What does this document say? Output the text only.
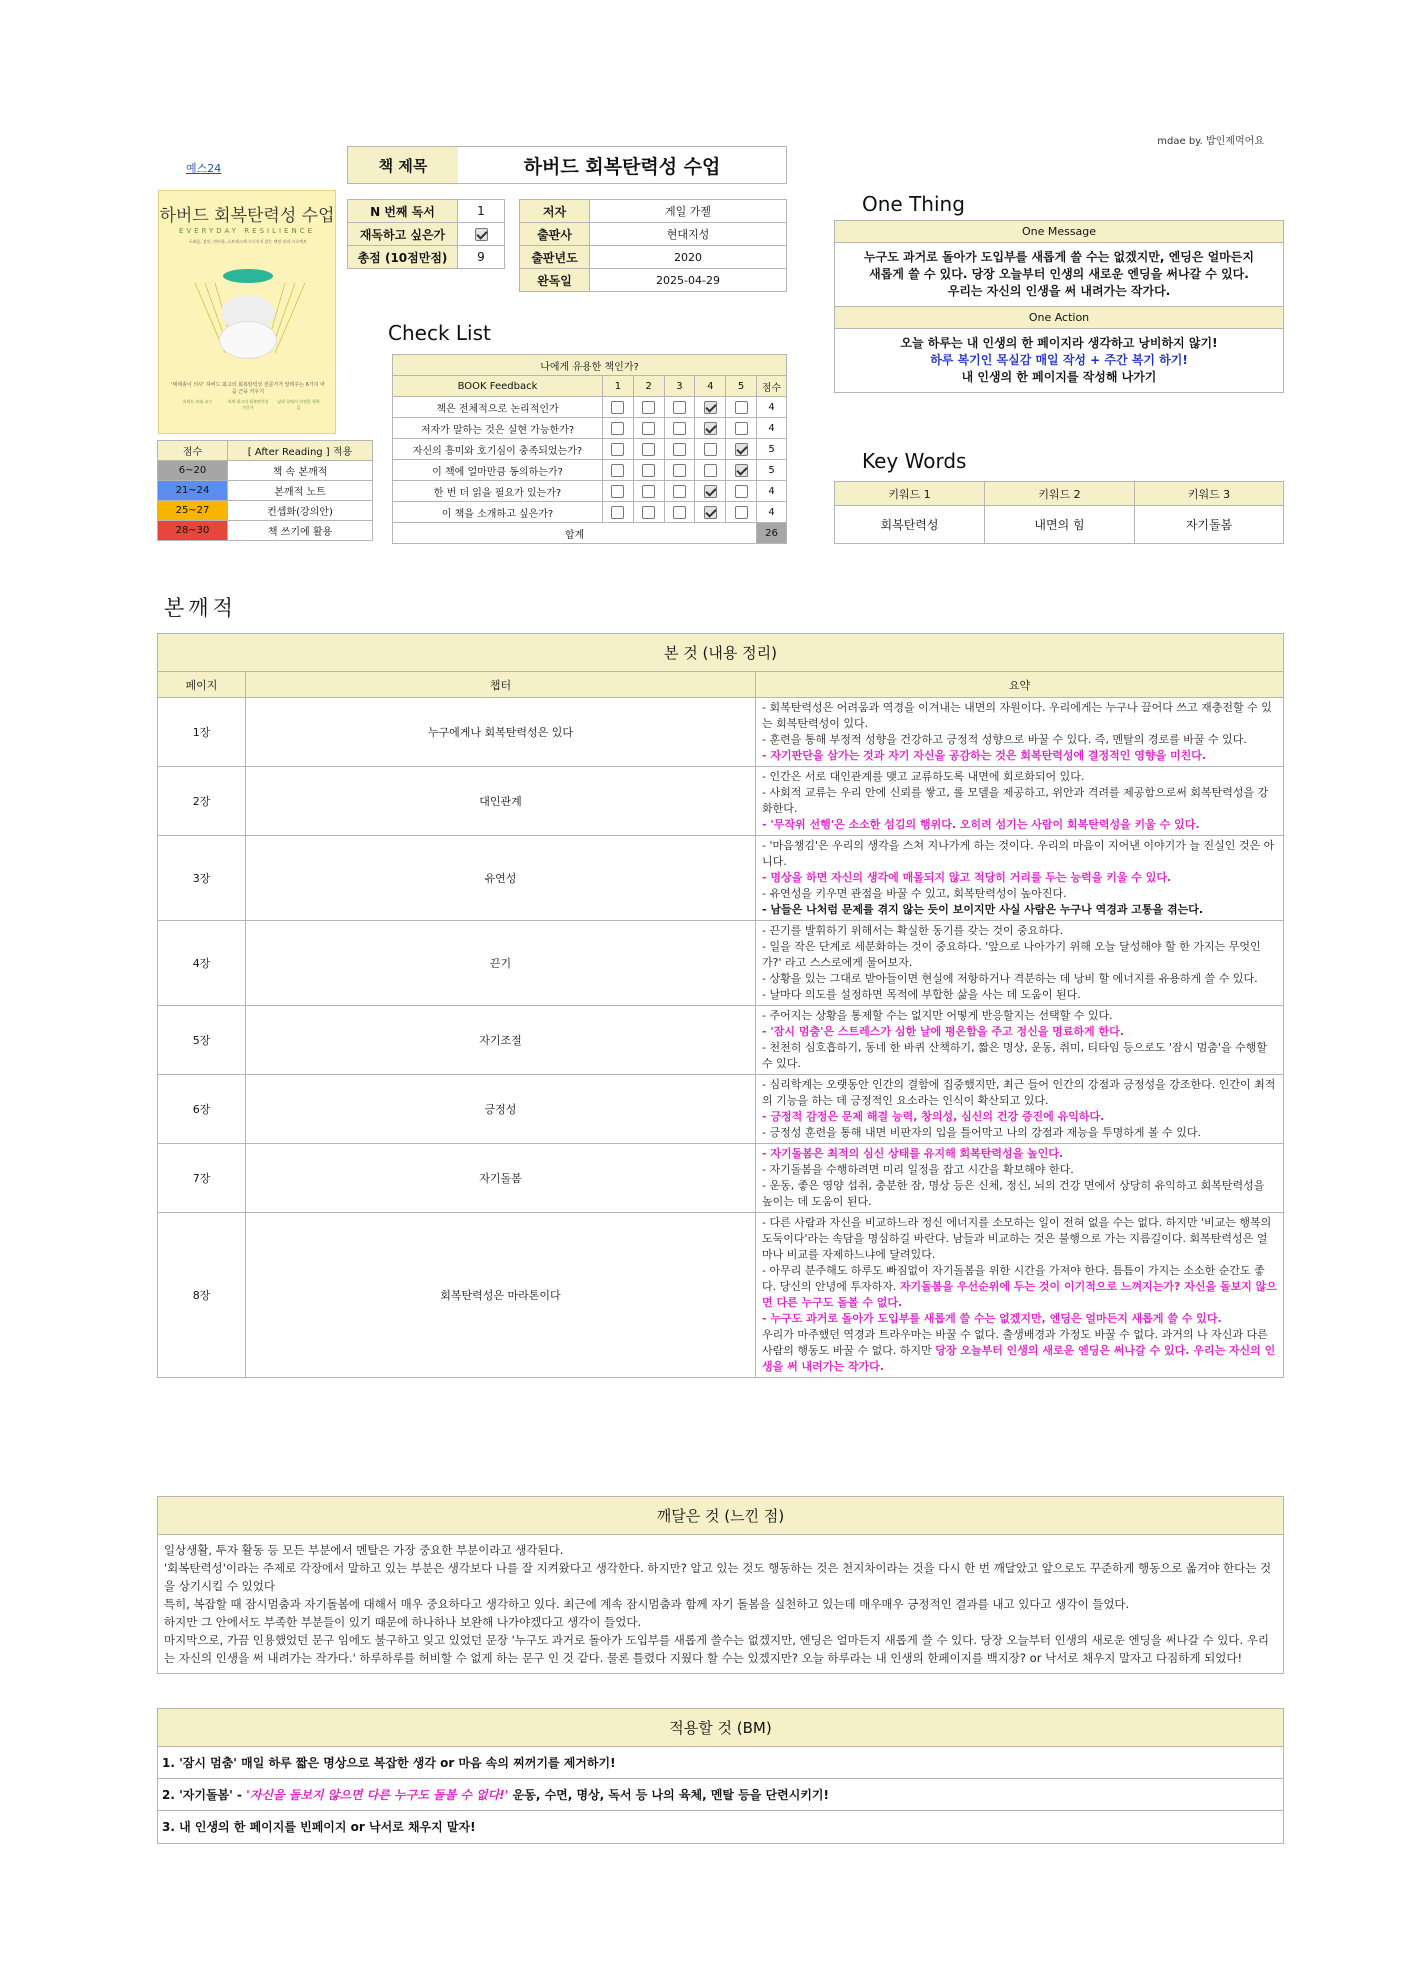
mdae by. 밥인제먹어요
예스24
하버드 회복탄력성 수업
EVERYDAY RESILIENCE
두려움, 불안, 번아웃, 스트레스에 무너지지 않는 멘탈 관리 프로젝트
'태세총이 의사' 하버드 최고의 회복탄력성 전문가가 알려주는 6가지 마음 근육 키우기
하버드 의대 교수	세계 최고의 회복탄력성 전문가
삶과 일에서 진정한 행복을
점수	[ After Reading ] 적용
6~20	책 속 본깨적
21~24	본깨적 노트
25~27	컨셉화(강의안)
28~30	책 쓰기에 활용
책 제목	하버드 회복탄력성 수업
N 번째 독서	1
재독하고 싶은가	
총점 (10점만점)	9
저자	게일 가젤
출판사	현대지성
출판년도	2020
완독일	2025-04-29
Check List
나에게 유용한 책인가?						
BOOK Feedback	1	2	3	4	5	점수
책은 전체적으로 논리적인가						4
저자가 말하는 것은 실현 가능한가?						4
자신의 흥미와 호기심이 충족되었는가?						5
이 책에 얼마만큼 동의하는가?						5
한 번 더 읽을 필요가 있는가?						4
이 책을 소개하고 싶은가?						4
합계						26
One Thing
One Message
누구도 과거로 돌아가 도입부를 새롭게 쓸 수는 없겠지만, 엔딩은 얼마든지
새롭게 쓸 수 있다. 당장 오늘부터 인생의 새로운 엔딩을 써나갈 수 있다.
우리는 자신의 인생을 써 내려가는 작가다.
One Action
오늘 하루는 내 인생의 한 페이지라 생각하고 낭비하지 않기!
하루 복기인 목실감 매일 작성 + 주간 복기 하기!
내 인생의 한 페이지를 작성해 나가기
Key Words
키워드 1	키워드 2	키워드 3
회복탄력성	내면의 힘	자기돌봄
본깨적
본 것 (내용 정리)		
페이지	챕터	요약
1장	누구에게나 회복탄력성은 있다	- 회복탄력성은 어려움과 역경을 이겨내는 내면의 자원이다. 우리에게는 누구나 끌어다 쓰고 재충전할 수 있는 회복탄력성이 있다.
- 훈련을 통해 부정적 성향을 건강하고 긍정적 성향으로 바꿀 수 있다. 즉, 멘탈의 경로를 바꿀 수 있다.
- 자기판단을 삼가는 것과 자기 자신을 공감하는 것은 회복탄력성에 결정적인 영향을 미친다.

2장	대인관계	- 인간은 서로 대인관계를 맺고 교류하도록 내면에 회로화되어 있다.
- 사회적 교류는 우리 안에 신뢰를 쌓고, 롤 모델을 제공하고, 위안과 격려를 제공함으로써 회복탄력성을 강화한다.
- '무작위 선행'은 소소한 섬김의 행위다. 오히려 섬기는 사람이 회복탄력성을 키울 수 있다.

3장	유연성	- '마음챙김'은 우리의 생각을 스쳐 지나가게 하는 것이다. 우리의 마음이 지어낸 이야기가 늘 진실인 것은 아니다.
- 명상을 하면 자신의 생각에 매몰되지 않고 적당히 거리를 두는 능력을 키울 수 있다.
- 유연성을 키우면 관점을 바꿀 수 있고, 회복탄력성이 높아진다.
- 남들은 나처럼 문제를 겪지 않는 듯이 보이지만 사실 사람은 누구나 역경과 고통을 겪는다.

4장	끈기	- 끈기를 발휘하기 위해서는 확실한 동기를 갖는 것이 중요하다.
- 일을 작은 단계로 세분화하는 것이 중요하다. '앞으로 나아가기 위해 오늘 달성해야 할 한 가지는 무엇인가?' 라고 스스로에게 물어보자.
- 상황을 있는 그대로 받아들이면 현실에 저항하거나 격분하는 데 낭비 할 에너지를 유용하게 쓸 수 있다.
- 날마다 의도를 설정하면 목적에 부합한 삶을 사는 데 도움이 된다.

5장	자기조절	- 주어지는 상황을 통제할 수는 없지만 어떻게 반응할지는 선택할 수 있다.
- '잠시 멈춤'은 스트레스가 심한 날에 평온함을 주고 정신을 명료하게 한다.
- 천천히 심호흡하기, 동네 한 바퀴 산책하기, 짧은 명상, 운동, 취미, 티타임 등으로도 '잠시 멈춤'을 수행할 수 있다.

6장	긍정성	- 심리학계는 오랫동안 인간의 결함에 집중했지만, 최근 들어 인간의 강점과 긍정성을 강조한다. 인간이 최적의 기능을 하는 데 긍정적인 요소라는 인식이 확산되고 있다.
- 긍정적 감정은 문제 해결 능력, 창의성, 심신의 건강 증진에 유익하다.
- 긍정성 훈련을 통해 내면 비판자의 입을 틀어막고 나의 강점과 재능을 투명하게 볼 수 있다.

7장	자기돌봄	- 자기돌봄은 최적의 심신 상태를 유지해 회복탄력성을 높인다.
- 자기돌봄을 수행하려면 미리 일정을 잡고 시간을 확보해야 한다.
- 운동, 좋은 영양 섭취, 충분한 잠, 명상 등은 신체, 정신, 뇌의 건강 면에서 상당히 유익하고 회복탄력성을 높이는 데 도움이 된다.

8장	회복탄력성은 마라톤이다	- 다른 사람과 자신을 비교하느라 정신 에너지를 소모하는 일이 전혀 없을 수는 없다. 하지만 '비교는 행복의 도둑이다'라는 속담을 명심하길 바란다. 남들과 비교하는 것은 불행으로 가는 지름길이다. 회복탄력성은 얼마나 비교를 자제하느냐에 달려있다.
- 아무리 분주해도 하루도 빠짐없이 자기돌봄을 위한 시간을 가져야 한다. 틈틈이 가지는 소소한 순간도 좋다. 당신의 안녕에 투자하자. 자기돌봄을 우선순위에 두는 것이 이기적으로 느껴지는가? 자신을 돌보지 않으면 다른 누구도 돌볼 수 없다.
- 누구도 과거로 돌아가 도입부를 새롭게 쓸 수는 없겠지만, 엔딩은 얼마든지 새롭게 쓸 수 있다.
우리가 마주했던 역경과 트라우마는 바꿀 수 없다. 출생배경과 가정도 바꿀 수 없다. 과거의 나 자신과 다른 사람의 행동도 바꿀 수 없다. 하지만 당장 오늘부터 인생의 새로운 엔딩은 써나갈 수 있다. 우리는 자신의 인생을 써 내려가는 작가다.
깨달은 것 (느낀 점)
일상생활, 투자 활동 등 모든 부분에서 멘탈은 가장 중요한 부분이라고 생각된다.
'회복탄력성'이라는 주제로 각장에서 말하고 있는 부분은 생각보다 나를 잘 지켜왔다고 생각한다. 하지만? 알고 있는 것도 행동하는 것은 천지차이라는 것을 다시 한 번 깨달았고 앞으로도 꾸준하게 행동으로 옮겨야 한다는 것을 상기시킬 수 있었다
특히, 복잡할 때 잠시멈춤과 자기돌봄에 대해서 매우 중요하다고 생각하고 있다. 최근에 계속 잠시멈춤과 함께 자기 돌봄을 실천하고 있는데 매우매우 긍정적인 결과를 내고 있다고 생각이 들었다.
하지만 그 안에서도 부족한 부분들이 있기 때문에 하나하나 보완해 나가야겠다고 생각이 들었다.
마지막으로, 가끔 인용했었던 문구 임에도 불구하고 잊고 있었던 문장 '누구도 과거로 돌아가 도입부를 새롭게 쓸수는 없겠지만, 엔딩은 얼마든지 새롭게 쓸 수 있다. 당장 오늘부터 인생의 새로운 엔딩을 써나갈 수 있다. 우리는 자신의 인생을 써 내려가는 작가다.' 하루하루를 허비할 수 없게 하는 문구 인 것 같다. 물론 틀렸다 지웠다 할 수는 있겠지만? 오늘 하루라는 내 인생의 한페이지를 백지장? or 낙서로 채우지 말자고 다짐하게 되었다!
적용할 것 (BM)
1. '잠시 멈춤' 매일 하루 짧은 명상으로 복잡한 생각 or 마음 속의 찌꺼기를 제거하기!
2. '자기돌봄' - '자신을 돌보지 않으면 다른 누구도 돌볼 수 없다!' 운동, 수면, 명상, 독서 등 나의 육체, 멘탈 등을 단련시키기!
3. 내 인생의 한 페이지를 빈페이지 or 낙서로 채우지 말자!
